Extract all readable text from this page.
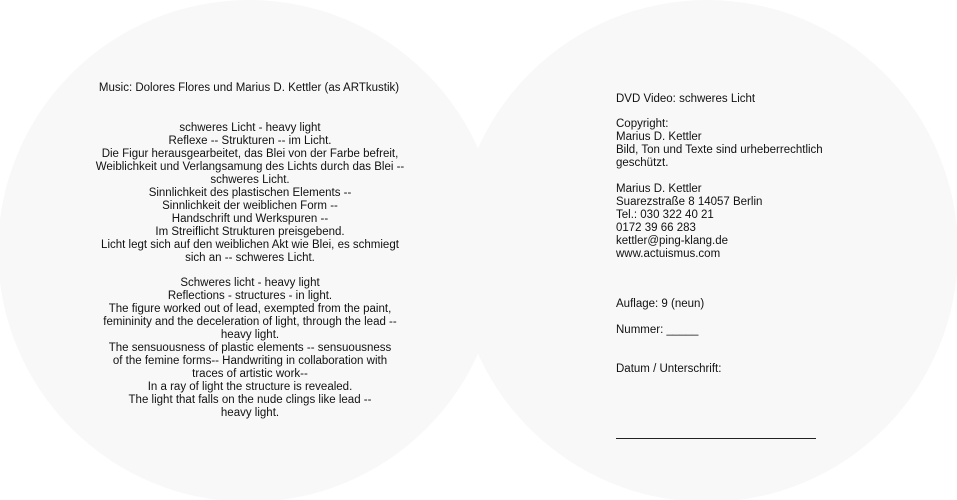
Music: Dolores Flores und Marius D. Kettler (as ARTkustik)
schweres Licht - heavy light
Reflexe -- Strukturen -- im Licht.
Die Figur herausgearbeitet, das Blei von der Farbe befreit,
Weiblichkeit und Verlangsamung des Lichts durch das Blei --
schweres Licht.
Sinnlichkeit des plastischen Elements --
Sinnlichkeit der weiblichen Form --
Handschrift und Werkspuren --
Im Streiflicht Strukturen preisgebend.
Licht legt sich auf den weiblichen Akt wie Blei, es schmiegt
sich an -- schweres Licht.
Schweres licht - heavy light
Reflections - structures - in light.
The figure worked out of lead, exempted from the paint,
femininity and the deceleration of light, through the lead --
heavy light.
The sensuousness of plastic elements -- sensuousness
of the femine forms-- Handwriting in collaboration with
traces of artistic work--
In a ray of light the structure is revealed.
The light that falls on the nude clings like lead --
heavy light.
DVD Video: schweres Licht
Copyright:
Marius D. Kettler
Bild, Ton und Texte sind urheberrechtlich
geschützt.
Marius D. Kettler
Suarezstraße 8 14057 Berlin
Tel.: 030 322 40 21
0172 39 66 283
kettler@ping-klang.de
www.actuismus.com
Auflage: 9 (neun)
Nummer: _____
Datum / Unterschrift:
